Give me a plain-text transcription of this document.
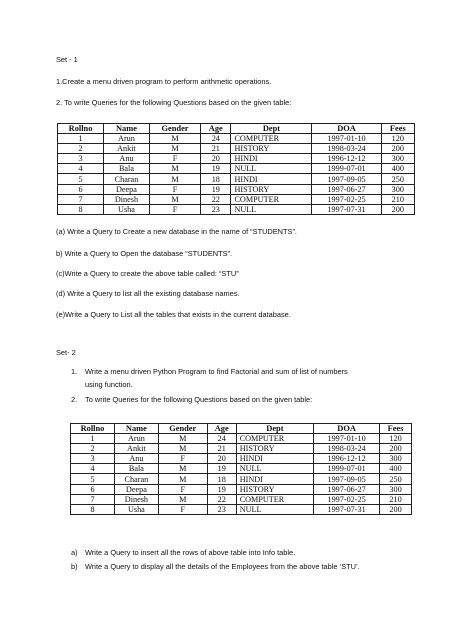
Set - 1
1.Create a menu driven program to perform arithmetic operations.
2. To write Queries for the following Questions based on the given table:
Rollno	Name	Gender	Age	Dept	DOA	Fees
1	Arun	M	24	COMPUTER	1997-01-10	120
2	Ankit	M	21	HISTORY	1998-03-24	200
3	Anu	F	20	HINDI	1996-12-12	300
4	Bala	M	19	NULL	1999-07-01	400
5	Charan	M	18	HINDI	1997-09-05	250
6	Deepa	F	19	HISTORY	1997-06-27	300
7	Dinesh	M	22	COMPUTER	1997-02-25	210
8	Usha	F	23	NULL	1997-07-31	200
(a) Write a Query to Create a new database in the name of “STUDENTS”.
b) Write a Query to Open the database “STUDENTS”.
(c)Write a Query to create the above table called: “STU”
(d) Write a Query to list all the existing database names.
(e)Write a Query to List all the tables that exists in the current database.
Set- 2
1. Write a menu driven Python Program to find Factorial and sum of list of numbers
using function.
2. To write Queries for the following Questions based on the given table:
Rollno	Name	Gender	Age	Dept	DOA	Fees
1	Arun	M	24	COMPUTER	1997-01-10	120
2	Ankit	M	21	HISTORY	1998-03-24	200
3	Anu	F	20	HINDI	1996-12-12	300
4	Bala	M	19	NULL	1999-07-01	400
5	Charan	M	18	HINDI	1997-09-05	250
6	Deepa	F	19	HISTORY	1997-06-27	300
7	Dinesh	M	22	COMPUTER	1997-02-25	210
8	Usha	F	23	NULL	1997-07-31	200
a) Write a Query to insert all the rows of above table into Info table.
b) Write a Query to display all the details of the Employees from the above table ‘STU’.
